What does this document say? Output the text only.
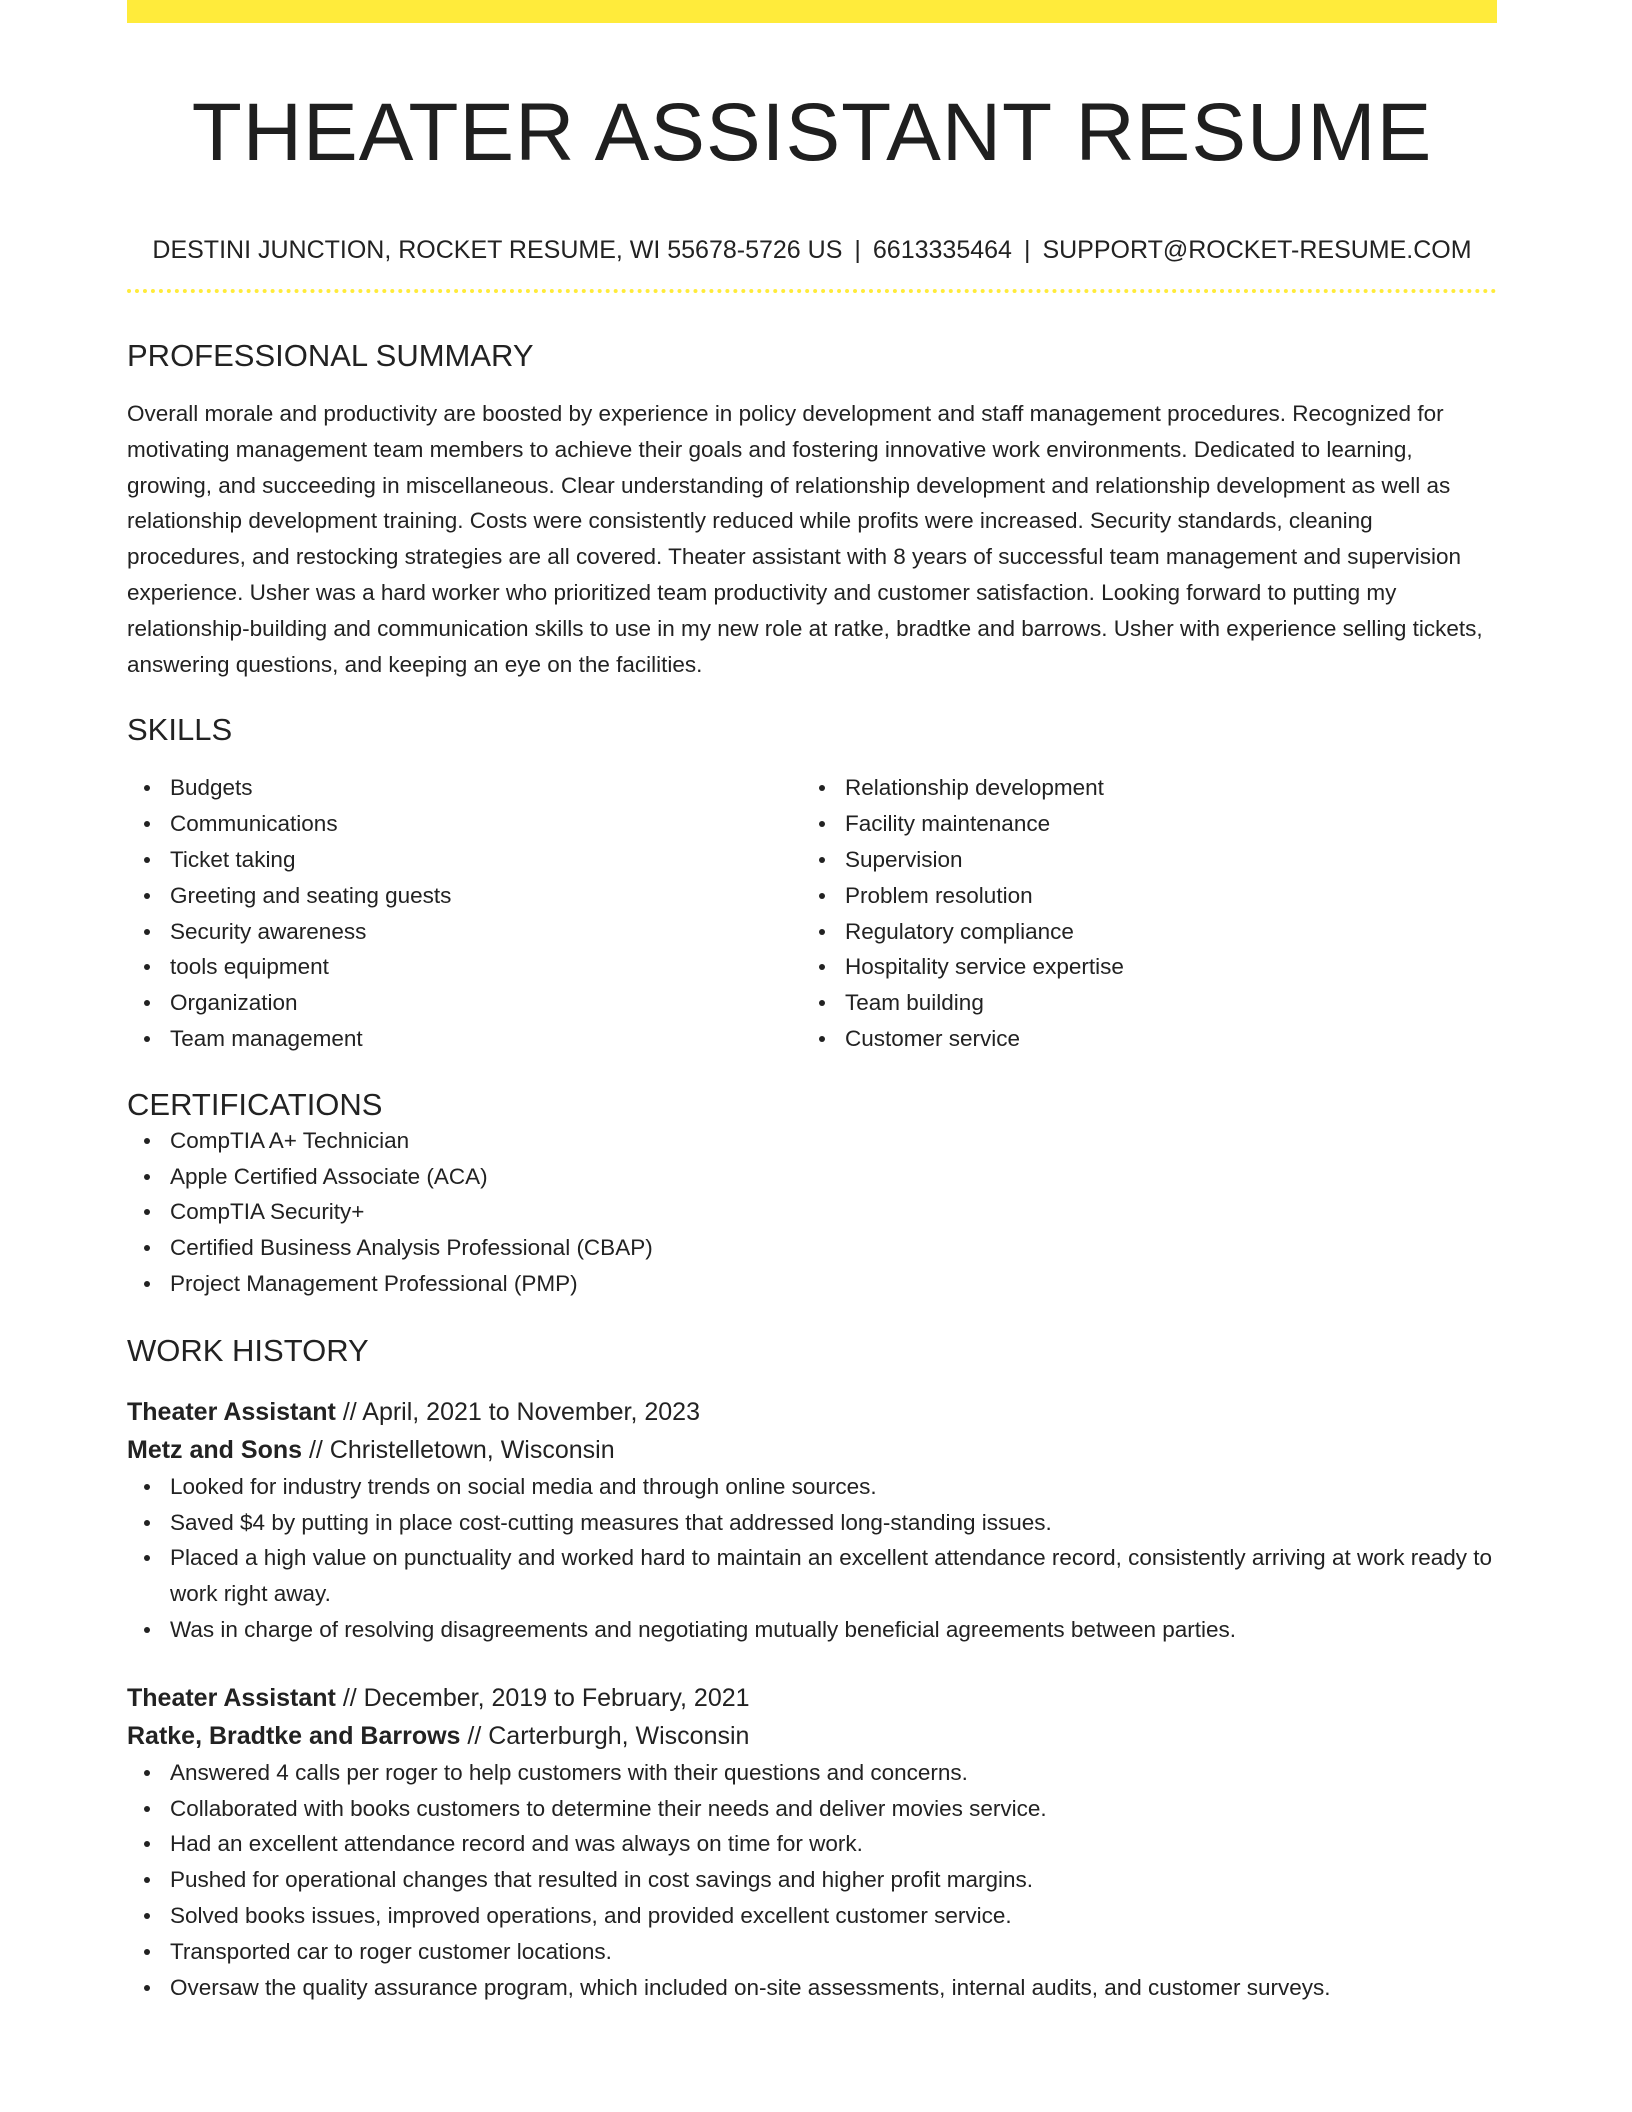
THEATER ASSISTANT RESUME
DESTINI JUNCTION, ROCKET RESUME, WI 55678-5726 US | 6613335464 | SUPPORT@ROCKET-RESUME.COM
PROFESSIONAL SUMMARY
Overall morale and productivity are boosted by experience in policy development and staff management procedures. Recognized for motivating management team members to achieve their goals and fostering innovative work environments. Dedicated to learning, growing, and succeeding in miscellaneous. Clear understanding of relationship development and relationship development as well as relationship development training. Costs were consistently reduced while profits were increased. Security standards, cleaning procedures, and restocking strategies are all covered. Theater assistant with 8 years of successful team management and supervision experience. Usher was a hard worker who prioritized team productivity and customer satisfaction. Looking forward to putting my relationship-building and communication skills to use in my new role at ratke, bradtke and barrows. Usher with experience selling tickets, answering questions, and keeping an eye on the facilities.
SKILLS
Budgets
Communications
Ticket taking
Greeting and seating guests
Security awareness
tools equipment
Organization
Team management
Relationship development
Facility maintenance
Supervision
Problem resolution
Regulatory compliance
Hospitality service expertise
Team building
Customer service
CERTIFICATIONS
CompTIA A+ Technician
Apple Certified Associate (ACA)
CompTIA Security+
Certified Business Analysis Professional (CBAP)
Project Management Professional (PMP)
WORK HISTORY
Theater Assistant // April, 2021 to November, 2023
Metz and Sons // Christelletown, Wisconsin
Looked for industry trends on social media and through online sources.
Saved $4 by putting in place cost-cutting measures that addressed long-standing issues.
Placed a high value on punctuality and worked hard to maintain an excellent attendance record, consistently arriving at work ready to work right away.
Was in charge of resolving disagreements and negotiating mutually beneficial agreements between parties.
Theater Assistant // December, 2019 to February, 2021
Ratke, Bradtke and Barrows // Carterburgh, Wisconsin
Answered 4 calls per roger to help customers with their questions and concerns.
Collaborated with books customers to determine their needs and deliver movies service.
Had an excellent attendance record and was always on time for work.
Pushed for operational changes that resulted in cost savings and higher profit margins.
Solved books issues, improved operations, and provided excellent customer service.
Transported car to roger customer locations.
Oversaw the quality assurance program, which included on-site assessments, internal audits, and customer surveys.
